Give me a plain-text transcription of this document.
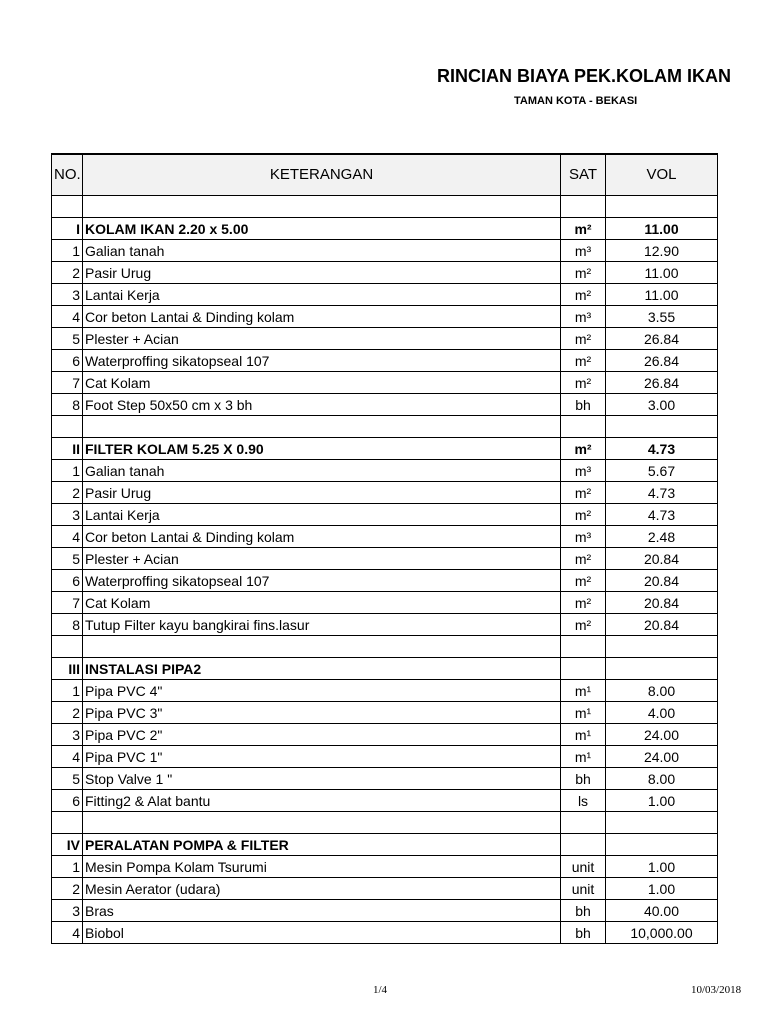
RINCIAN BIAYA PEK.KOLAM IKAN
TAMAN KOTA - BEKASI
NO.	KETERANGAN	SAT	VOL

I	KOLAM IKAN 2.20 x 5.00	m²	11.00
1	Galian tanah	m³	12.90
2	Pasir Urug	m²	11.00
3	Lantai Kerja	m²	11.00
4	Cor beton Lantai & Dinding kolam	m³	3.55
5	Plester + Acian	m²	26.84
6	Waterproffing sikatopseal 107	m²	26.84
7	Cat Kolam	m²	26.84
8	Foot Step 50x50 cm x 3 bh	bh	3.00

II	FILTER KOLAM 5.25 X 0.90	m²	4.73
1	Galian tanah	m³	5.67
2	Pasir Urug	m²	4.73
3	Lantai Kerja	m²	4.73
4	Cor beton Lantai & Dinding kolam	m³	2.48
5	Plester + Acian	m²	20.84
6	Waterproffing sikatopseal 107	m²	20.84
7	Cat Kolam	m²	20.84
8	Tutup Filter kayu bangkirai fins.lasur	m²	20.84

III	INSTALASI PIPA2		
1	Pipa PVC 4"	m¹	8.00
2	Pipa PVC 3"	m¹	4.00
3	Pipa PVC 2"	m¹	24.00
4	Pipa PVC 1"	m¹	24.00
5	Stop Valve 1 "	bh	8.00
6	Fitting2 & Alat bantu	ls	1.00

IV	PERALATAN POMPA & FILTER		
1	Mesin Pompa Kolam Tsurumi	unit	1.00
2	Mesin Aerator (udara)	unit	1.00
3	Bras	bh	40.00
4	Biobol	bh	10,000.00
1/4	10/03/2018
